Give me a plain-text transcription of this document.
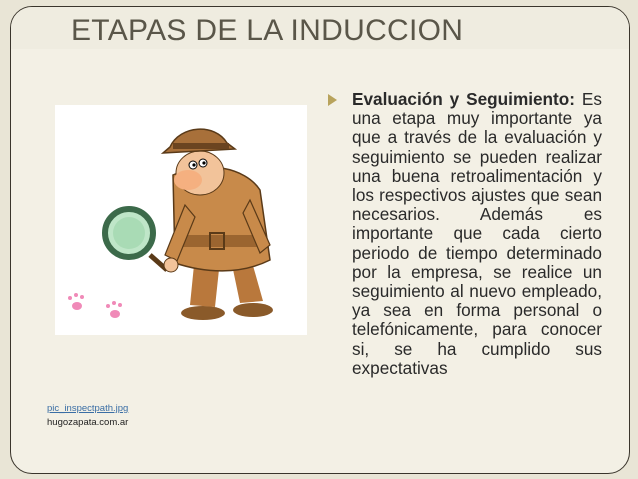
ETAPAS DE LA INDUCCION
pic_inspectpath.jpg
hugozapata.com.ar

Evaluación y Seguimiento: Es una etapa muy importante ya que a través de la evaluación y seguimiento se pueden realizar una buena retroalimentación y los respectivos ajustes que sean necesarios. Además es importante que cada cierto periodo de tiempo determinado por la empresa, se realice un seguimiento al nuevo empleado, ya sea en forma personal o telefónicamente, para conocer si, se ha cumplido sus expectativas
